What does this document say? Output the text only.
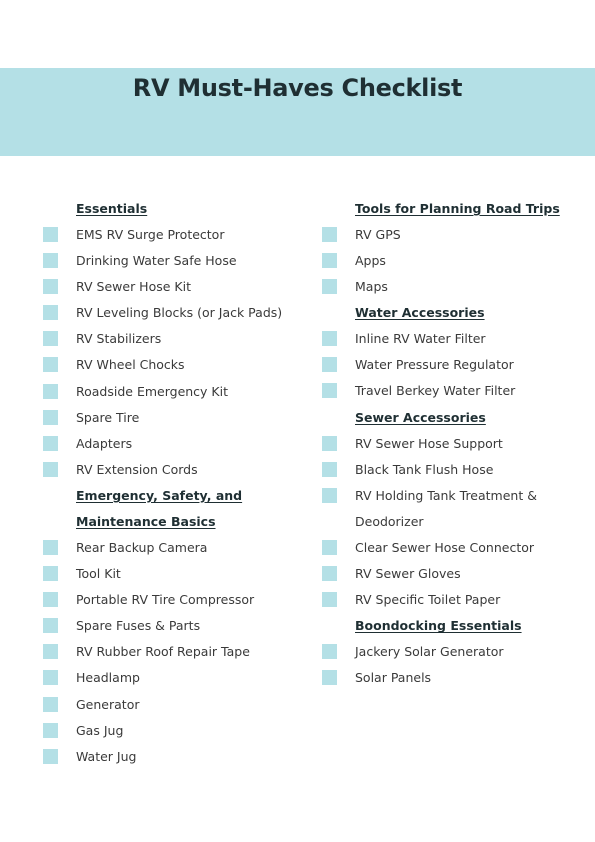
RV Must-Haves Checklist
Essentials
EMS RV Surge Protector
Drinking Water Safe Hose
RV Sewer Hose Kit
RV Leveling Blocks (or Jack Pads)
RV Stabilizers
RV Wheel Chocks
Roadside Emergency Kit
Spare Tire
Adapters
RV Extension Cords
Emergency, Safety, and
Maintenance Basics
Rear Backup Camera
Tool Kit
Portable RV Tire Compressor
Spare Fuses & Parts
RV Rubber Roof Repair Tape
Headlamp
Generator
Gas Jug
Water Jug
Tools for Planning Road Trips
RV GPS
Apps
Maps
Water Accessories
Inline RV Water Filter
Water Pressure Regulator
Travel Berkey Water Filter
Sewer Accessories
RV Sewer Hose Support
Black Tank Flush Hose
RV Holding Tank Treatment & Deodorizer
Clear Sewer Hose Connector
RV Sewer Gloves
RV Specific Toilet Paper
Boondocking Essentials
Jackery Solar Generator
Solar Panels
